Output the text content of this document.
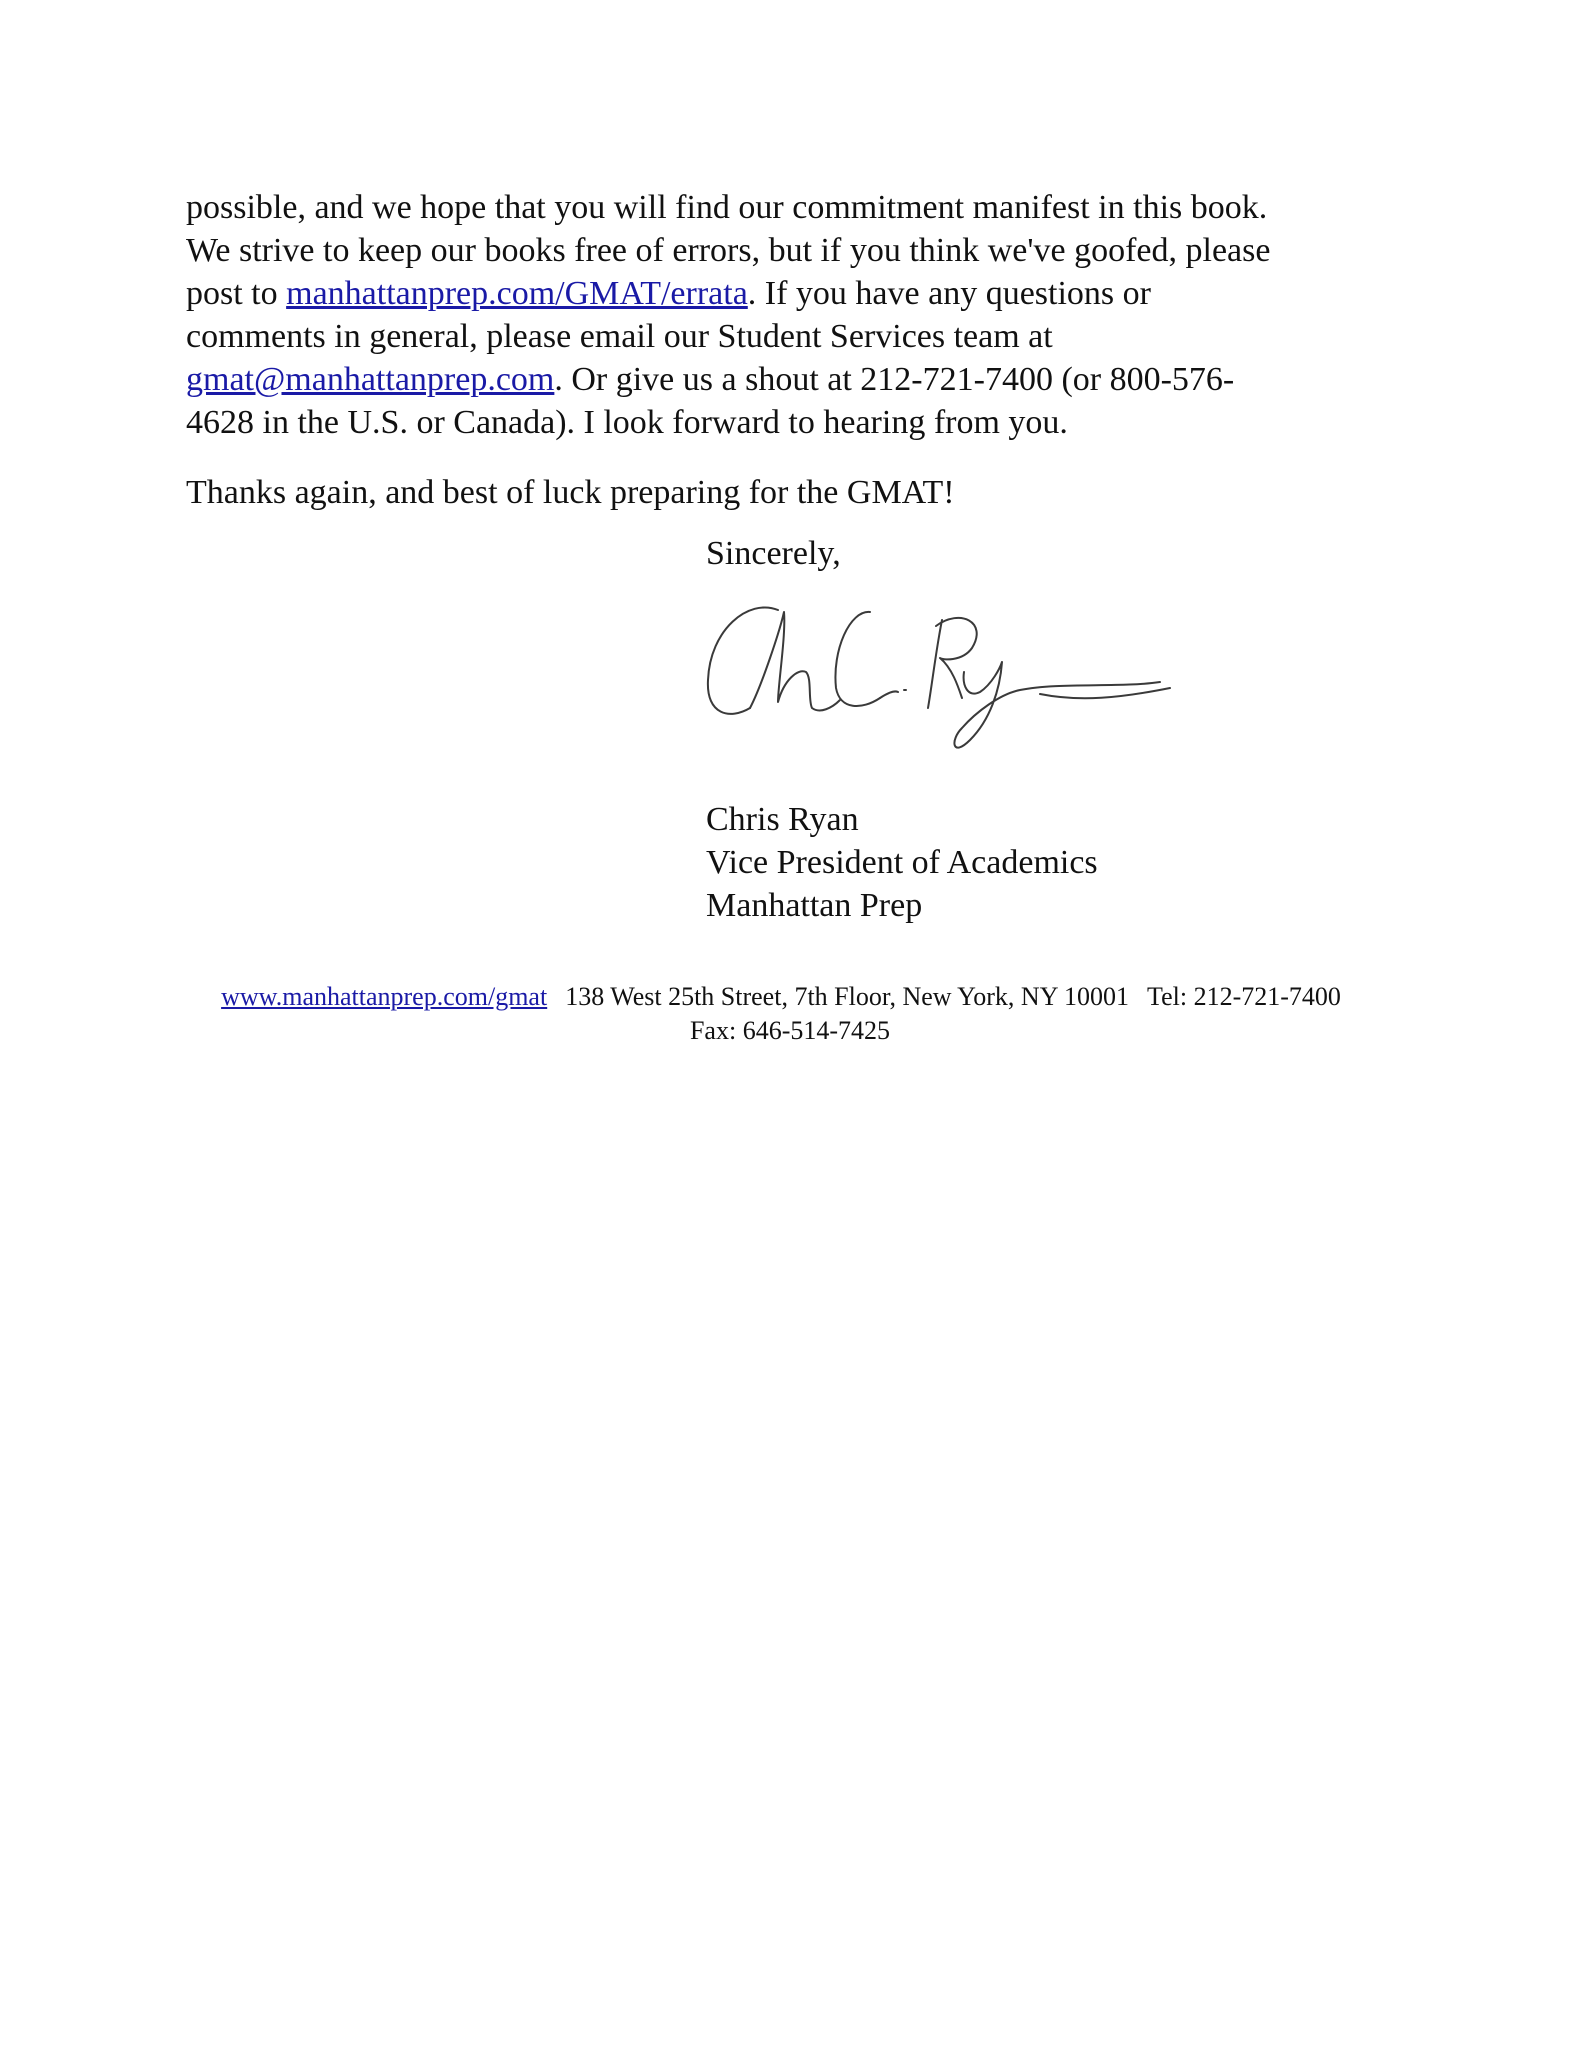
possible, and we hope that you will find our commitment manifest in this book.
We strive to keep our books free of errors, but if you think we've goofed, please
post to manhattanprep.com/GMAT/errata. If you have any questions or
comments in general, please email our Student Services team at
gmat@manhattanprep.com. Or give us a shout at 212-721-7400 (or 800-576-
4628 in the U.S. or Canada). I look forward to hearing from you.
Thanks again, and best of luck preparing for the GMAT!
Sincerely,
Chris Ryan
Vice President of Academics
Manhattan Prep
www.manhattanprep.com/gmat 138 West 25th Street, 7th Floor, New York, NY 10001 Tel: 212-721-7400Fax: 646-514-7425
